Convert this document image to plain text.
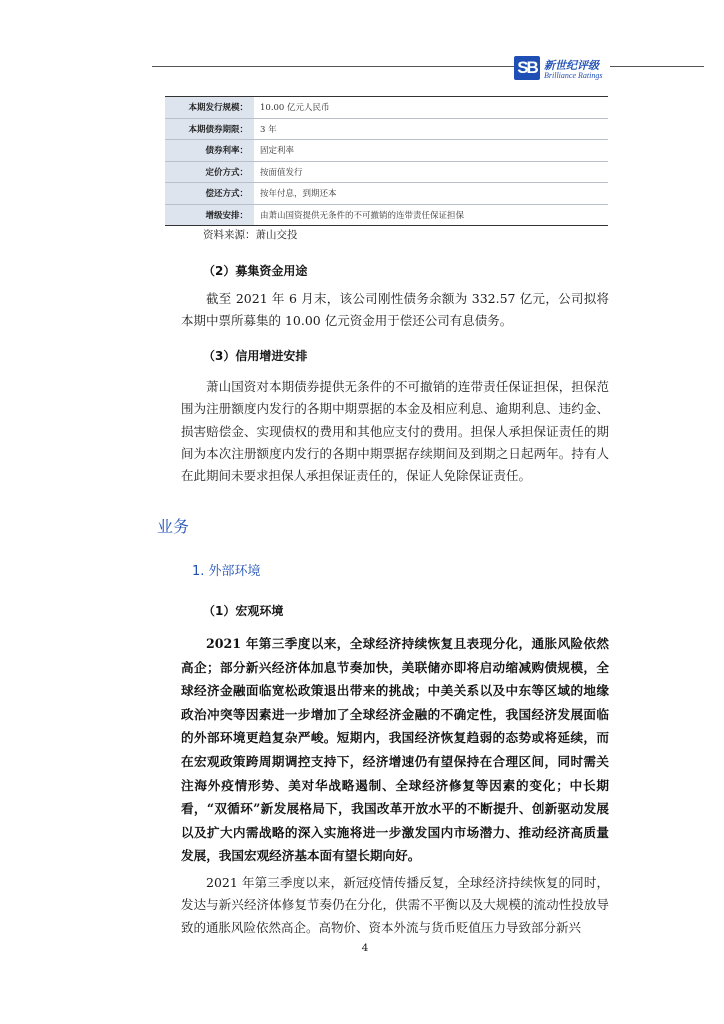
SB 新世纪评级
Brilliance Ratings
本期发行规模：	10.00 亿元人民币
本期债券期限：	3 年
债券利率：	固定利率
定价方式：	按面值发行
偿还方式：	按年付息，到期还本
增级安排：	由萧山国资提供无条件的不可撤销的连带责任保证担保
资料来源：萧山交投
（2）募集资金用途

截至 2021 年 6 月末，该公司刚性债务余额为 332.57 亿元，公司拟将本期中票所募集的 10.00 亿元资金用于偿还公司有息债务。

（3）信用增进安排

萧山国资对本期债券提供无条件的不可撤销的连带责任保证担保，担保范围为注册额度内发行的各期中期票据的本金及相应利息、逾期利息、违约金、损害赔偿金、实现债权的费用和其他应支付的费用。担保人承担保证责任的期间为本次注册额度内发行的各期中期票据存续期间及到期之日起两年。持有人在此期间未要求担保人承担保证责任的，保证人免除保证责任。

业务
1. 外部环境
（1）宏观环境

2021 年第三季度以来，全球经济持续恢复且表现分化，通胀风险依然高企；部分新兴经济体加息节奏加快，美联储亦即将启动缩减购债规模，全球经济金融面临宽松政策退出带来的挑战；中美关系以及中东等区域的地缘政治冲突等因素进一步增加了全球经济金融的不确定性，我国经济发展面临的外部环境更趋复杂严峻。短期内，我国经济恢复趋弱的态势或将延续，而在宏观政策跨周期调控支持下，经济增速仍有望保持在合理区间，同时需关注海外疫情形势、美对华战略遏制、全球经济修复等因素的变化；中长期看，“双循环”新发展格局下，我国改革开放水平的不断提升、创新驱动发展以及扩大内需战略的深入实施将进一步激发国内市场潜力、推动经济高质量发展，我国宏观经济基本面有望长期向好。

2021 年第三季度以来，新冠疫情传播反复，全球经济持续恢复的同时，发达与新兴经济体修复节奏仍在分化，供需不平衡以及大规模的流动性投放导致的通胀风险依然高企。高物价、资本外流与货币贬值压力导致部分新兴

4
